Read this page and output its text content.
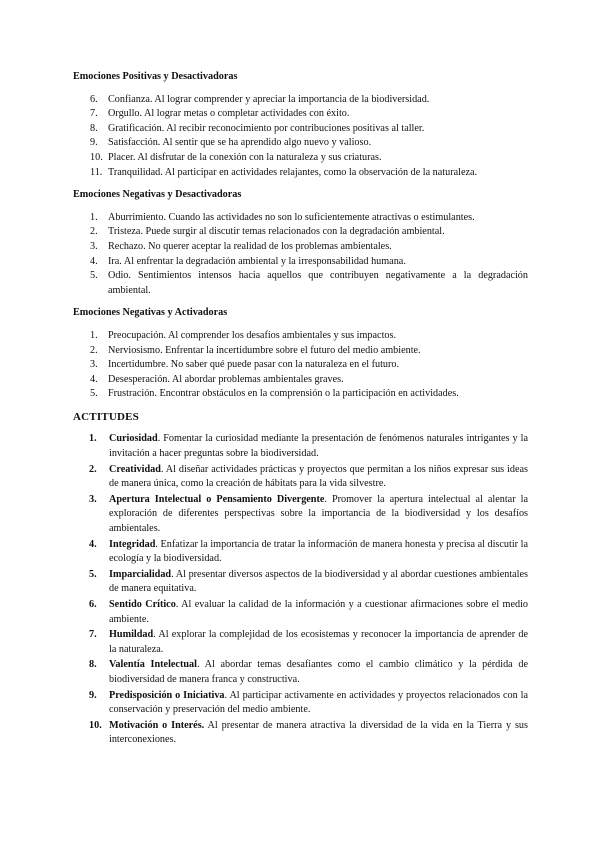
Emociones Positivas y Desactivadoras
6.	Confianza. Al lograr comprender y apreciar la importancia de la biodiversidad.
7.	Orgullo. Al lograr metas o completar actividades con éxito.
8.	Gratificación. Al recibir reconocimiento por contribuciones positivas al taller.
9.	Satisfacción. Al sentir que se ha aprendido algo nuevo y valioso.
10. Placer. Al disfrutar de la conexión con la naturaleza y sus criaturas.
11. Tranquilidad. Al participar en actividades relajantes, como la observación de la naturaleza.
Emociones Negativas y Desactivadoras
1.	Aburrimiento. Cuando las actividades no son lo suficientemente atractivas o estimulantes.
2.	Tristeza. Puede surgir al discutir temas relacionados con la degradación ambiental.
3.	Rechazo. No querer aceptar la realidad de los problemas ambientales.
4.	Ira. Al enfrentar la degradación ambiental y la irresponsabilidad humana.
5.	Odio. Sentimientos intensos hacia aquellos que contribuyen negativamente a la degradación ambiental.
Emociones Negativas y Activadoras
1.	Preocupación. Al comprender los desafíos ambientales y sus impactos.
2.	Nerviosismo. Enfrentar la incertidumbre sobre el futuro del medio ambiente.
3.	Incertidumbre. No saber qué puede pasar con la naturaleza en el futuro.
4.	Desesperación. Al abordar problemas ambientales graves.
5.	Frustración. Encontrar obstáculos en la comprensión o la participación en actividades.
ACTITUDES
1. Curiosidad. Fomentar la curiosidad mediante la presentación de fenómenos naturales intrigantes y la invitación a hacer preguntas sobre la biodiversidad.
2. Creatividad. Al diseñar actividades prácticas y proyectos que permitan a los niños expresar sus ideas de manera única, como la creación de hábitats para la vida silvestre.
3. Apertura Intelectual o Pensamiento Divergente. Promover la apertura intelectual al alentar la exploración de diferentes perspectivas sobre la importancia de la biodiversidad y los desafíos ambientales.
4. Integridad. Enfatizar la importancia de tratar la información de manera honesta y precisa al discutir la ecología y la biodiversidad.
5. Imparcialidad. Al presentar diversos aspectos de la biodiversidad y al abordar cuestiones ambientales de manera equitativa.
6. Sentido Crítico. Al evaluar la calidad de la información y a cuestionar afirmaciones sobre el medio ambiente.
7. Humildad. Al explorar la complejidad de los ecosistemas y reconocer la importancia de aprender de la naturaleza.
8. Valentía Intelectual. Al abordar temas desafiantes como el cambio climático y la pérdida de biodiversidad de manera franca y constructiva.
9. Predisposición o Iniciativa. Al participar activamente en actividades y proyectos relacionados con la conservación y preservación del medio ambiente.
10. Motivación o Interés. Al presentar de manera atractiva la diversidad de la vida en la Tierra y sus interconexiones.
